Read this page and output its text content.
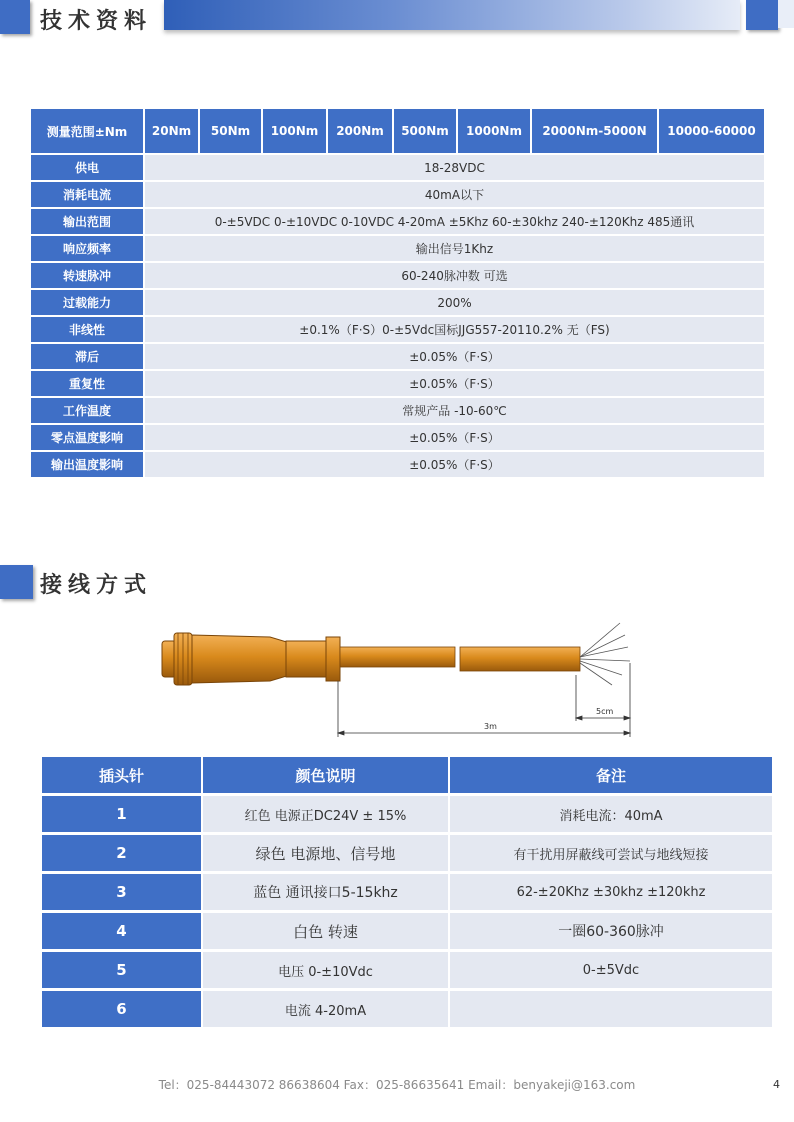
技术资料
测量范围±Nm	20Nm	50Nm	100Nm	200Nm	500Nm	1000Nm	2000Nm-5000N	10000-60000
供电	18-28VDC							
消耗电流	40mA以下							
输出范围	0-±5VDC 0-±10VDC 0-10VDC 4-20mA ±5Khz 60-±30khz 240-±120Khz 485通讯							
响应频率	输出信号1Khz							
转速脉冲	60-240脉冲数 可选							
过载能力	200%							
非线性	±0.1%（F·S）0-±5Vdc国标JJG557-20110.2% 无（FS)							
滞后	±0.05%（F·S）							
重复性	±0.05%（F·S）							
工作温度	常规产品 -10-60℃							
零点温度影响	±0.05%（F·S）							
输出温度影响	±0.05%（F·S）							
接线方式
3m
5cm
插头针	颜色说明	备注
1	红色 电源正DC24V ± 15%	消耗电流：40mA
2	绿色 电源地、信号地	有干扰用屏蔽线可尝试与地线短接
3	蓝色 通讯接口5-15khz	62-±20Khz ±30khz ±120khz
4	白色 转速	一圈60-360脉冲
5	电压 0-±10Vdc	0-±5Vdc
6	电流 4-20mA	
Tel：025-84443072 86638604 Fax：025-86635641 Email：benyakeji@163.com	4
